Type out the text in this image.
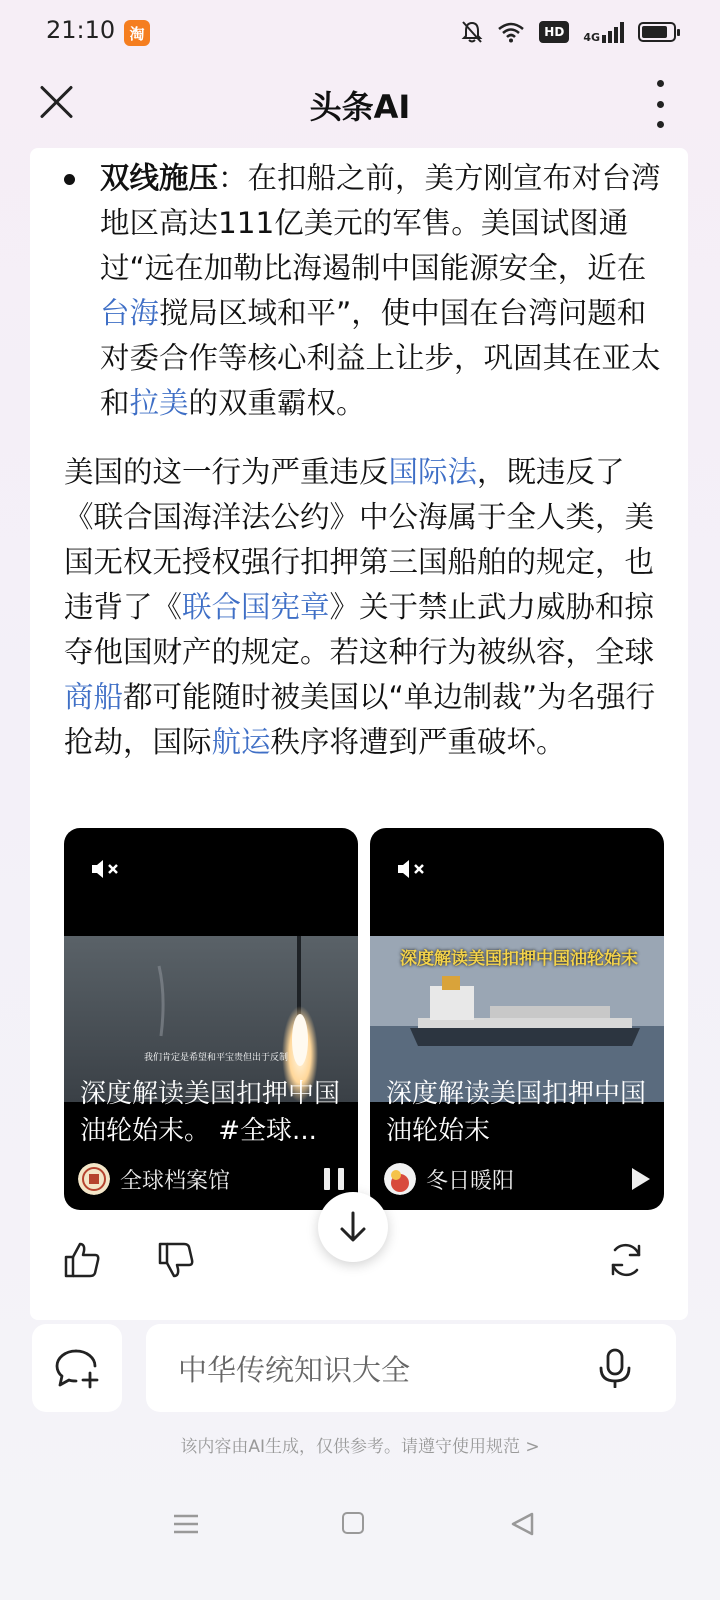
21:10 淘	HD	4G
头条AI
双线施压：在扣船之前，美方刚宣布对台湾地区高达111亿美元的军售。美国试图通过“远在加勒比海遏制中国能源安全，近在台海搅局区域和平”，使中国在台湾问题和对委合作等核心利益上让步，巩固其在亚太和拉美的双重霸权。
美国的这一行为严重违反国际法，既违反了《联合国海洋法公约》中公海属于全人类，美国无权无授权强行扣押第三国船舶的规定，也违背了《联合国宪章》关于禁止武力威胁和掠夺他国财产的规定。若这种行为被纵容，全球商船都可能随时被美国以“单边制裁”为名强行抢劫，国际航运秩序将遭到严重破坏。
我们肯定是希望和平宝贵但出于反制
深度解读美国扣押中国油轮始末。 #全球...
全球档案馆
深度解读美国扣押中国油轮始末
深度解读美国扣押中国油轮始末
冬日暖阳
中华传统知识大全
该内容由AI生成，仅供参考。请遵守使用规范 >
